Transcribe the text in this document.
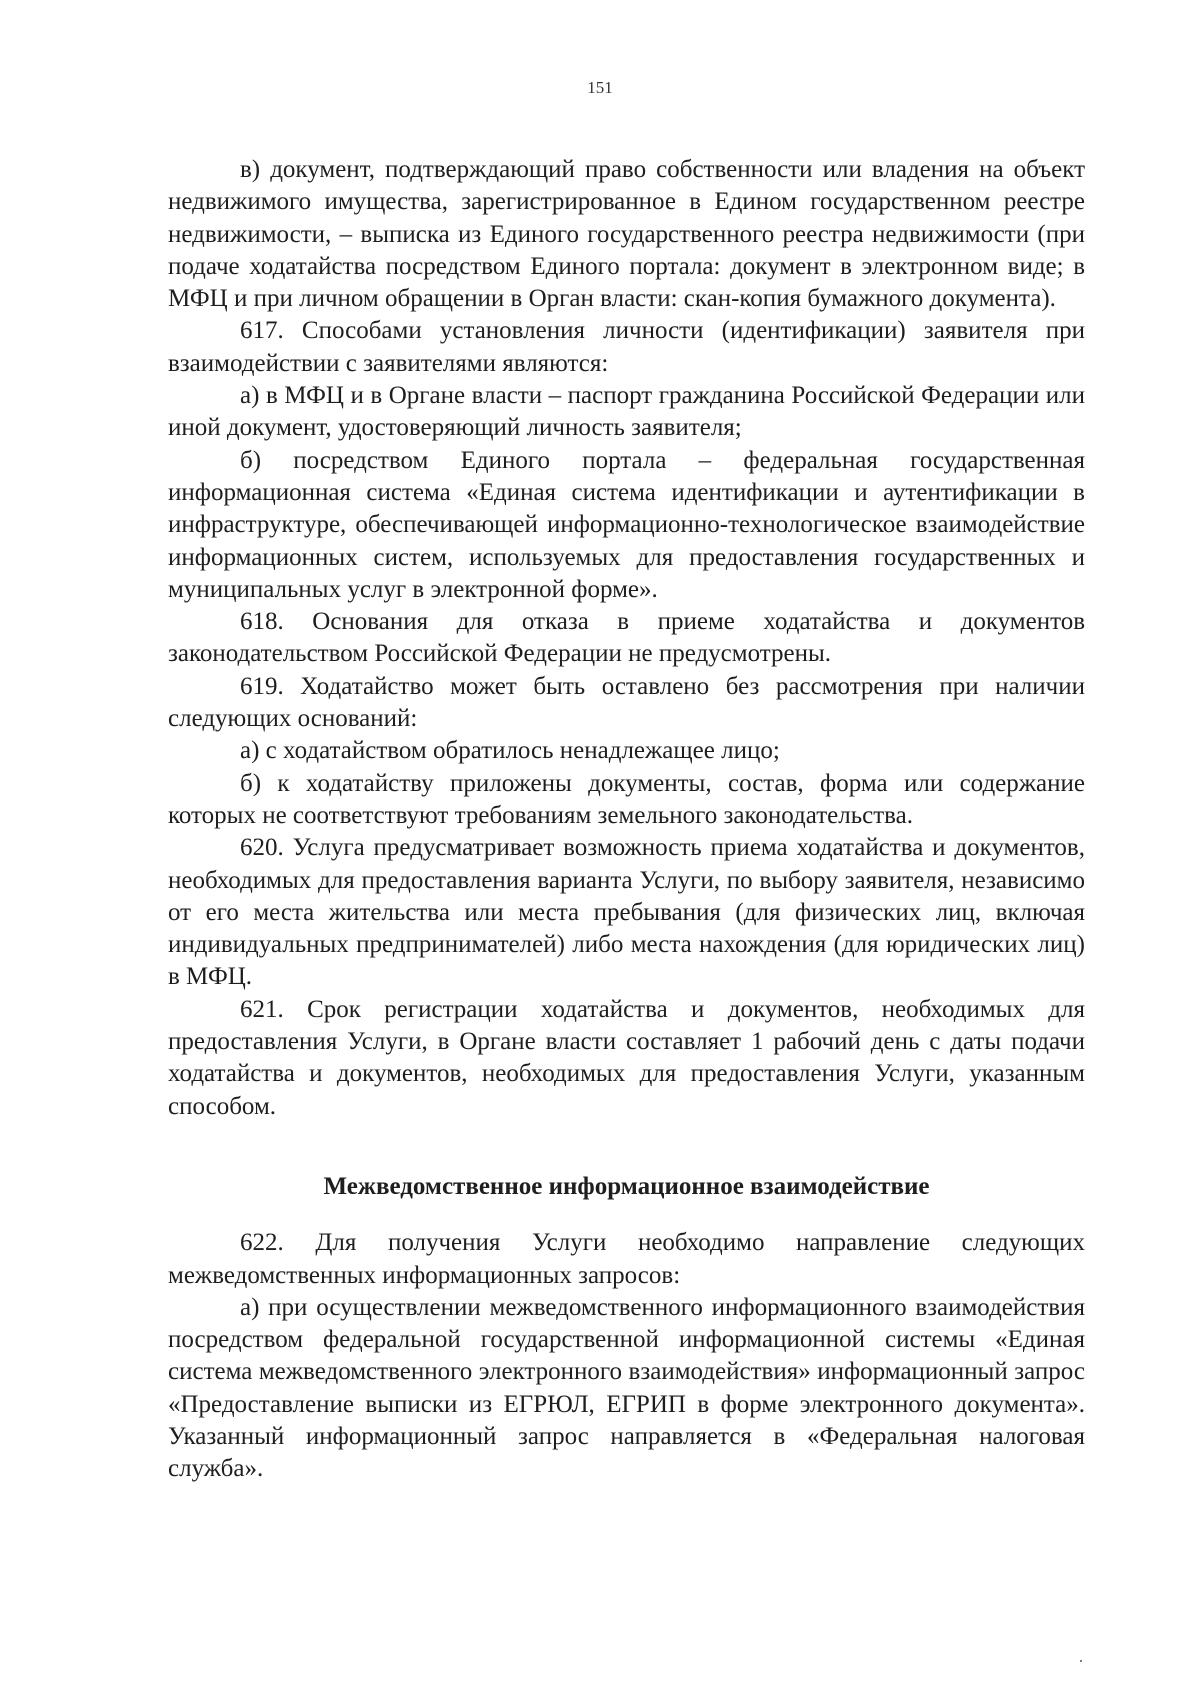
151

в) документ, подтверждающий право собственности или владения на объект недвижимого имущества, зарегистрированное в Едином государственном реестре недвижимости, – выписка из Единого государственного реестра недвижимости (при подаче ходатайства посредством Единого портала: документ в электронном виде; в МФЦ и при личном обращении в Орган власти: скан-копия бумажного документа).

617. Способами установления личности (идентификации) заявителя при взаимодействии с заявителями являются:

а) в МФЦ и в Органе власти – паспорт гражданина Российской Федерации или иной документ, удостоверяющий личность заявителя;

б) посредством Единого портала – федеральная государственная информационная система «Единая система идентификации и аутентификации в инфраструктуре, обеспечивающей информационно-технологическое взаимодействие информационных систем, используемых для предоставления государственных и муниципальных услуг в электронной форме».

618. Основания для отказа в приеме ходатайства и документов законодательством Российской Федерации не предусмотрены.

619. Ходатайство может быть оставлено без рассмотрения при наличии следующих оснований:

а) с ходатайством обратилось ненадлежащее лицо;

б) к ходатайству приложены документы, состав, форма или содержание которых не соответствуют требованиям земельного законодательства.

620. Услуга предусматривает возможность приема ходатайства и документов, необходимых для предоставления варианта Услуги, по выбору заявителя, независимо от его места жительства или места пребывания (для физических лиц, включая индивидуальных предпринимателей) либо места нахождения (для юридических лиц) в МФЦ.

621. Срок регистрации ходатайства и документов, необходимых для предоставления Услуги, в Органе власти составляет 1 рабочий день с даты подачи ходатайства и документов, необходимых для предоставления Услуги, указанным способом.

Межведомственное информационное взаимодействие

622. Для получения Услуги необходимо направление следующих межведомственных информационных запросов:

а) при осуществлении межведомственного информационного взаимодействия посредством федеральной государственной информационной системы «Единая система межведомственного электронного взаимодействия» информационный запрос «Предоставление выписки из ЕГРЮЛ, ЕГРИП в форме электронного документа». Указанный информационный запрос направляется в «Федеральная налоговая служба».
